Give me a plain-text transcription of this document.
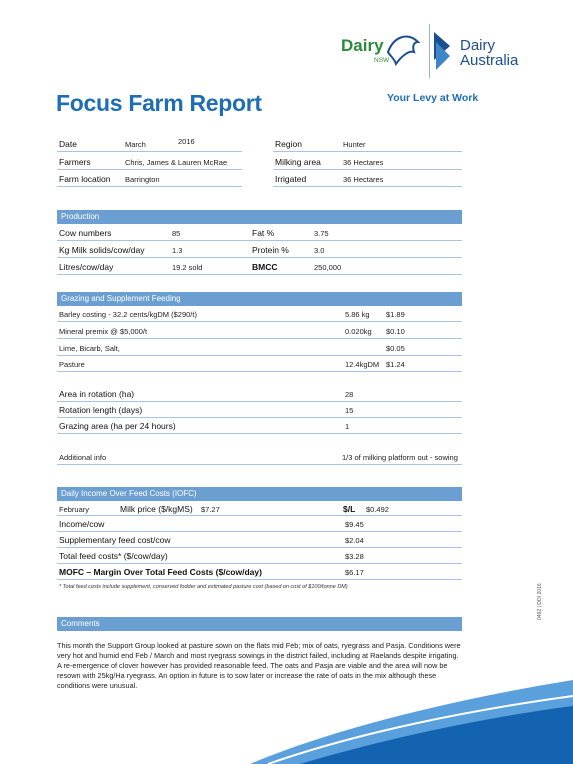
Focus Farm Report
Dairy
NSW
Dairy
Australia
Your Levy at Work
Date	March	2016
Farmers	Chris, James & Lauren McRae
Farm location Barrington
Region	Hunter
Milking area	36 Hectares
Irrigated	36 Hectares
Production
Cow numbers	85	Fat %	3.75
Kg Milk solids/cow/day	1.3	Protein %	3.0
Litres/cow/day	19.2 sold	BMCC	250,000
Grazing and Supplement Feeding
Barley costing - 32.2 cents/kgDM ($290/t)	5.86 kg $1.89
Mineral premix @ $5,000/t	0.020kg $0.10
Lime, Bicarb, Salt,	$0.05
Pasture	12.4kgDM $1.24
Area in rotation (ha)	28
Rotation length (days)	15
Grazing area (ha per 24 hours)	1
Additional info	1/3 of milking platform out - sowing
Daily Income Over Feed Costs (IOFC)
February	Milk price ($/kgMS) $7.27	$/L $0.492
Income/cow	$9.45
Supplementary feed cost/cow	$2.04
Total feed costs* ($/cow/day)	$3.28
MOFC – Margin Over Total Feed Costs ($/cow/day)	$6.17
* Total feed costs include supplement, conserved fodder and estimated pasture cost (based on cost of $100/tonne DM)
Comments
This month the Support Group looked at pasture sown on the flats mid Feb; mix of oats, ryegrass and Pasja. Conditions were very hot and humid end Feb / March and most ryegrass sowings in the district failed, including at Raelands despite irrigating. A re-emergence of clover however has provided reasonable feed. The oats and Pasja are viable and the area will now be resown with 25kg/Ha ryegrass. An option in future is to sow later or increase the rate of oats in the mix although these conditions were unusual.
0492 | DOI 2016
